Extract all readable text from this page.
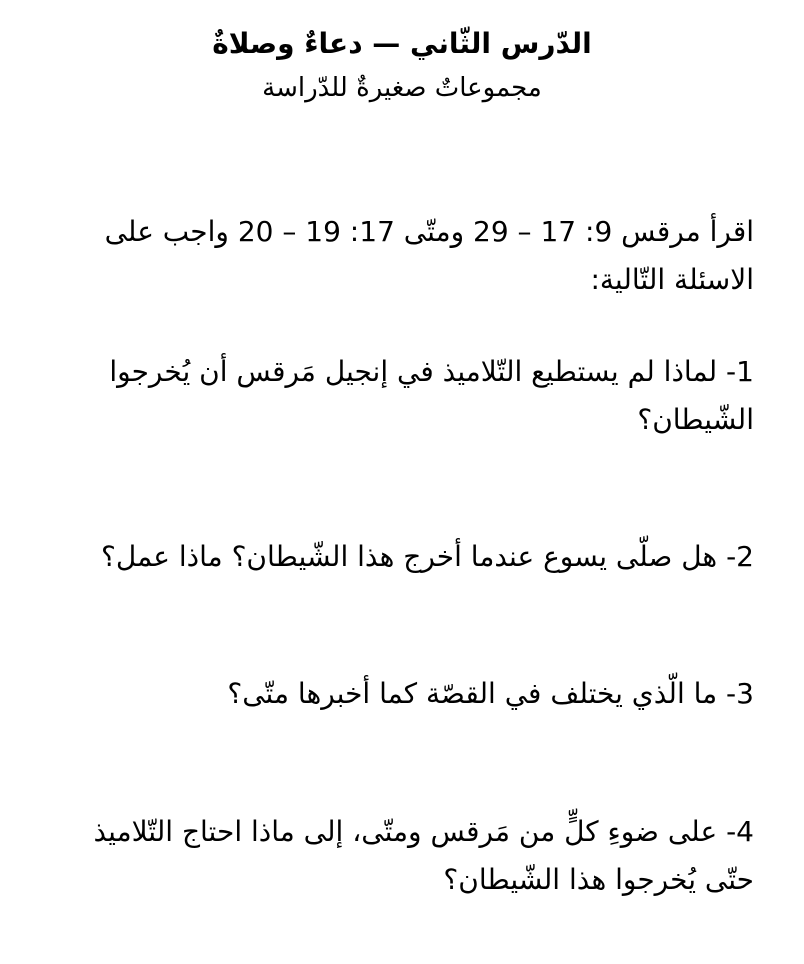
الدّرس الثّاني — دعاءٌ وصلاةٌ

مجموعاتٌ صغيرةٌ للدّراسة

اقرأ مرقس 9: 17 – 29 ومتّى 17: 19 – 20 واجب على الاسئلة التّالية:

1- لماذا لم يستطيع التّلاميذ في إنجيل مَرقس أن يُخرجوا الشّيطان؟

2- هل صلّى يسوع عندما أخرج هذا الشّيطان؟ ماذا عمل؟

3- ما الّذي يختلف في القصّة كما أخبرها متّى؟

4- على ضوءِ كلٍّ من مَرقس ومتّى، إلى ماذا احتاج التّلاميذ حتّى يُخرجوا هذا الشّيطان؟
